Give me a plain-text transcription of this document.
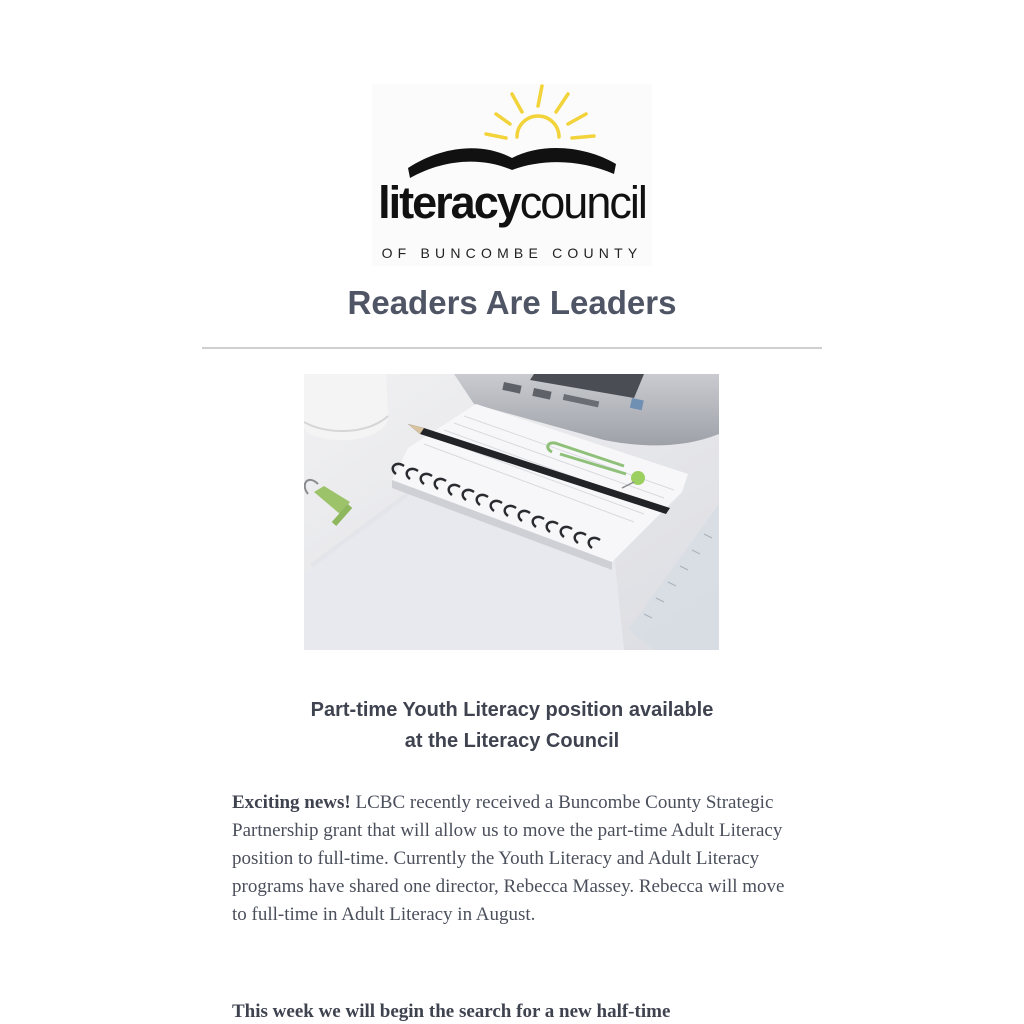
literacycouncil
OF BUNCOMBE COUNTY
Readers Are Leaders
Part-time Youth Literacy position available
at the Literacy Council

Exciting news! LCBC recently received a Buncombe County Strategic Partnership grant that will allow us to move the part-time Adult Literacy position to full-time. Currently the Youth Literacy and Adult Literacy programs have shared one director, Rebecca Massey. Rebecca will move to full-time in Adult Literacy in August.

This week we will begin the search for a new half-time
